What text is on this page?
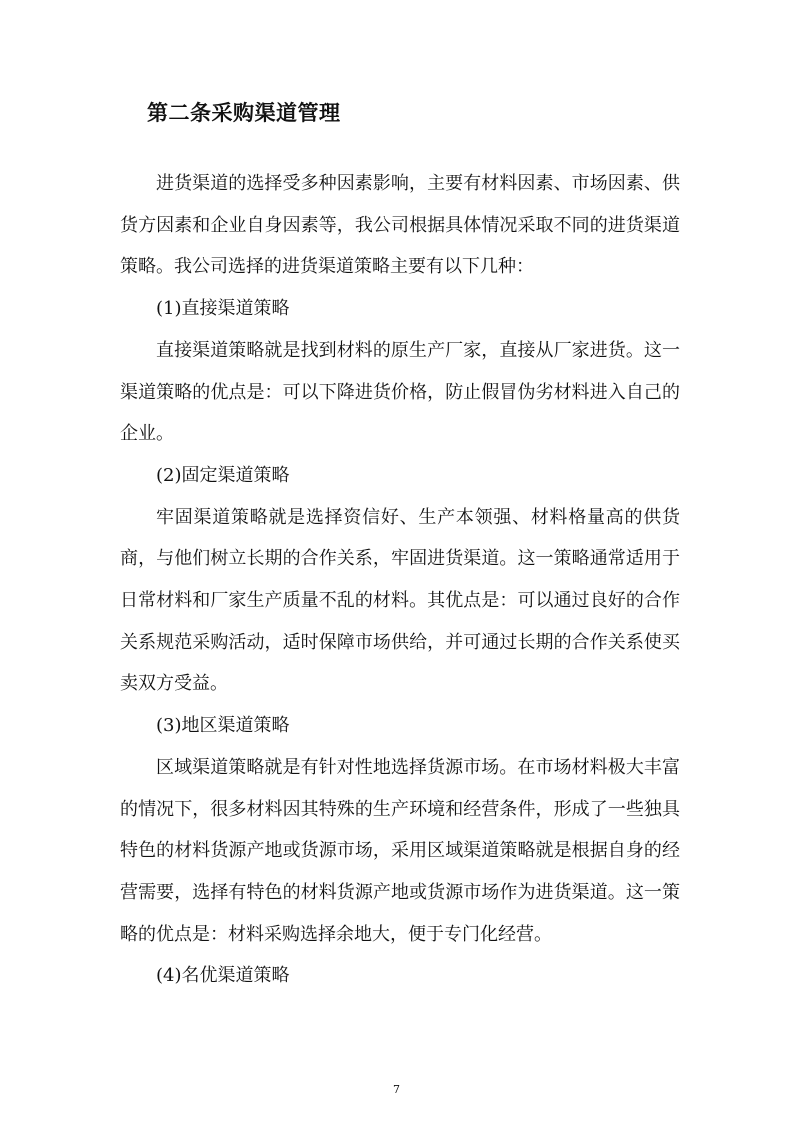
第二条采购渠道管理

进货渠道的选择受多种因素影响，主要有材料因素、市场因素、供货方因素和企业自身因素等，我公司根据具体情况采取不同的进货渠道策略。我公司选择的进货渠道策略主要有以下几种：

(1)直接渠道策略

直接渠道策略就是找到材料的原生产厂家，直接从厂家进货。这一渠道策略的优点是：可以下降进货价格，防止假冒伪劣材料进入自己的企业。

(2)固定渠道策略

牢固渠道策略就是选择资信好、生产本领强、材料格量高的供货商，与他们树立长期的合作关系，牢固进货渠道。这一策略通常适用于日常材料和厂家生产质量不乱的材料。其优点是：可以通过良好的合作关系规范采购活动，适时保障市场供给，并可通过长期的合作关系使买卖双方受益。

(3)地区渠道策略

区域渠道策略就是有针对性地选择货源市场。在市场材料极大丰富的情况下，很多材料因其特殊的生产环境和经营条件，形成了一些独具特色的材料货源产地或货源市场，采用区域渠道策略就是根据自身的经营需要，选择有特色的材料货源产地或货源市场作为进货渠道。这一策略的优点是：材料采购选择余地大，便于专门化经营。

(4)名优渠道策略

7
